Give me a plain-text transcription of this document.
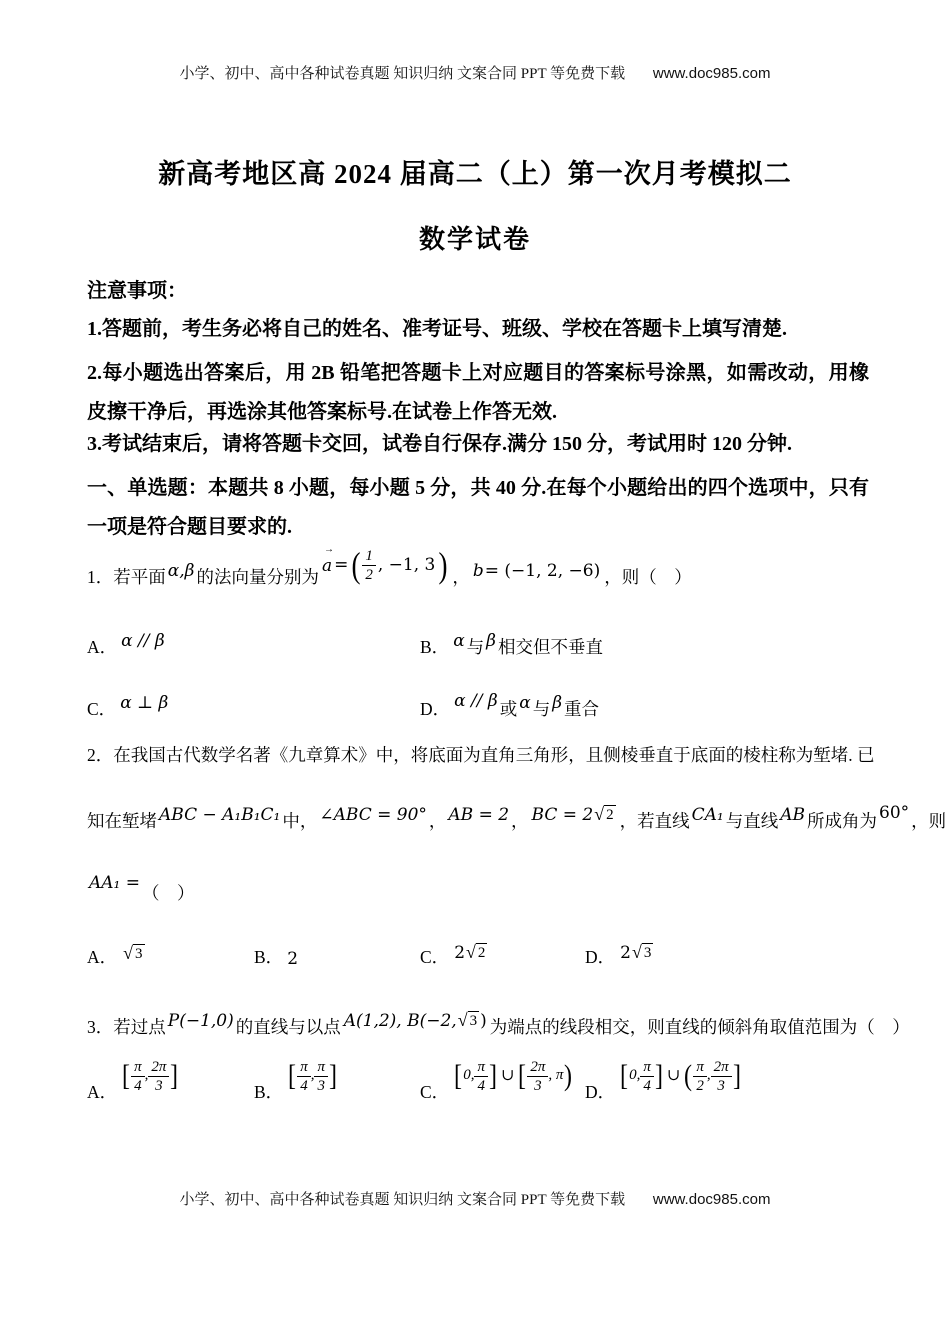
小学、初中、高中各种试卷真题 知识归纳 文案合同 PPT 等免费下载 www.doc985.com
新高考地区高 2024 届高二（上）第一次月考模拟二
数学试卷
注意事项：
1.答题前，考生务必将自己的姓名、准考证号、班级、学校在答题卡上填写清楚.
2.每小题选出答案后，用 2B 铅笔把答题卡上对应题目的答案标号涂黑，如需改动，用橡皮擦干净后，再选涂其他答案标号.在试卷上作答无效.
3.考试结束后，请将答题卡交回，试卷自行保存.满分 150 分，考试用时 120 分钟.
一、单选题：本题共 8 小题，每小题 5 分，共 40 分.在每个小题给出的四个选项中，只有一项是符合题目要求的.
1． 若平面 α,β 的法向量分别为
→
a = ( $\frac{1}{2}$ , −1, 3 ) ， b = (−1, 2, −6) ，则（　）
A． α // β	B． α 与 β 相交但不垂直
C． α ⊥ β	D． α // β 或 α 与 β 重合
2．在我国古代数学名著《九章算术》中，将底面为直角三角形，且侧棱垂直于底面的棱柱称为堑堵. 已
知在堑堵 ABC − A₁B₁C₁ 中， ∠ABC = 90° ， AB = 2 ， BC = 2 √ 2 ， 若直线 CA₁ 与直线 AB 所成角为 60° ，则
AA₁ =
（　）
A． √ 3	B． 2	C． 2 √ 2	D． 2 √ 3
3． 若过点 P(−1,0) 的直线与以点 A(1,2), B(−2, √ 3 ) 为端点的线段相交，则直线的倾斜角取值范围为（　）
A．
[ $\frac{\pi}{4}$ , $\frac{2\pi}{3}$ ]
B．
[ $\frac{\pi}{4}$ , $\frac{\pi}{3}$ ]
C．
[ 0, $\frac{\pi}{4}$ ] ∪ [ $\frac{2\pi}{3}$ , π )
D．
[ 0, $\frac{\pi}{4}$ ] ∪ ( $\frac{\pi}{2}$ , $\frac{2\pi}{3}$ ]
小学、初中、高中各种试卷真题 知识归纳 文案合同 PPT 等免费下载 www.doc985.com
